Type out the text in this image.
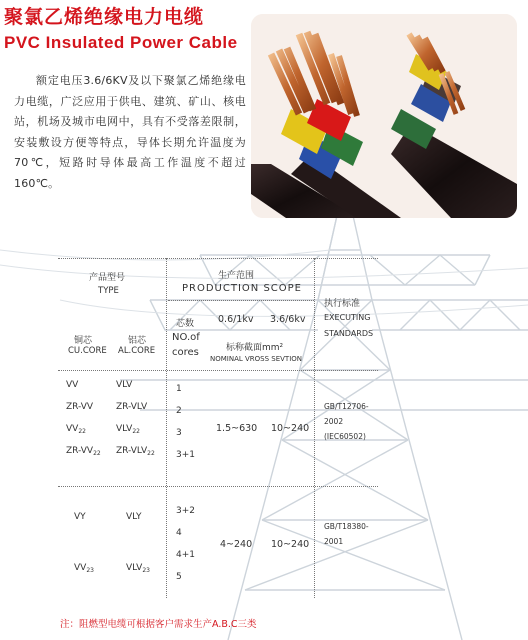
聚氯乙烯绝缘电力电缆
PVC Insulated Power Cable

额定电压3.6/6KV及以下聚氯乙烯绝缘电力电缆，广泛应用于供电、建筑、矿山、核电站，机场及城市电网中，具有不受落差限制，安装敷设方便等特点，导体长期允许温度为70℃，短路时导体最高工作温度不超过160℃。

产品型号
TYPE
生产范围
PRODUCTION SCOPE
执行标准
EXECUTING
STANDARDS
铜芯
CU.CORE
铝芯
AL.CORE
芯数
NO.of
cores
0.6/1kv 3.6/6kv
标称截面mm²
NOMINAL VROSS SEVTION
VV
ZR-VV
$VV_{22}$
$ZR-VV_{22}$
VLV
ZR-VLV
$VLV_{22}$
$ZR-VLV_{22}$
1
2
3
3+1
1.5~630 10~240
GB/T12706-
2002
(IEC60502)
VY
$VV_{23}$
VLY
$VLV_{23}$
3+2
4
4+1
5
4~240 10~240
GB/T18380-
2001

注：阻燃型电缆可根据客户需求生产A.B.C三类
